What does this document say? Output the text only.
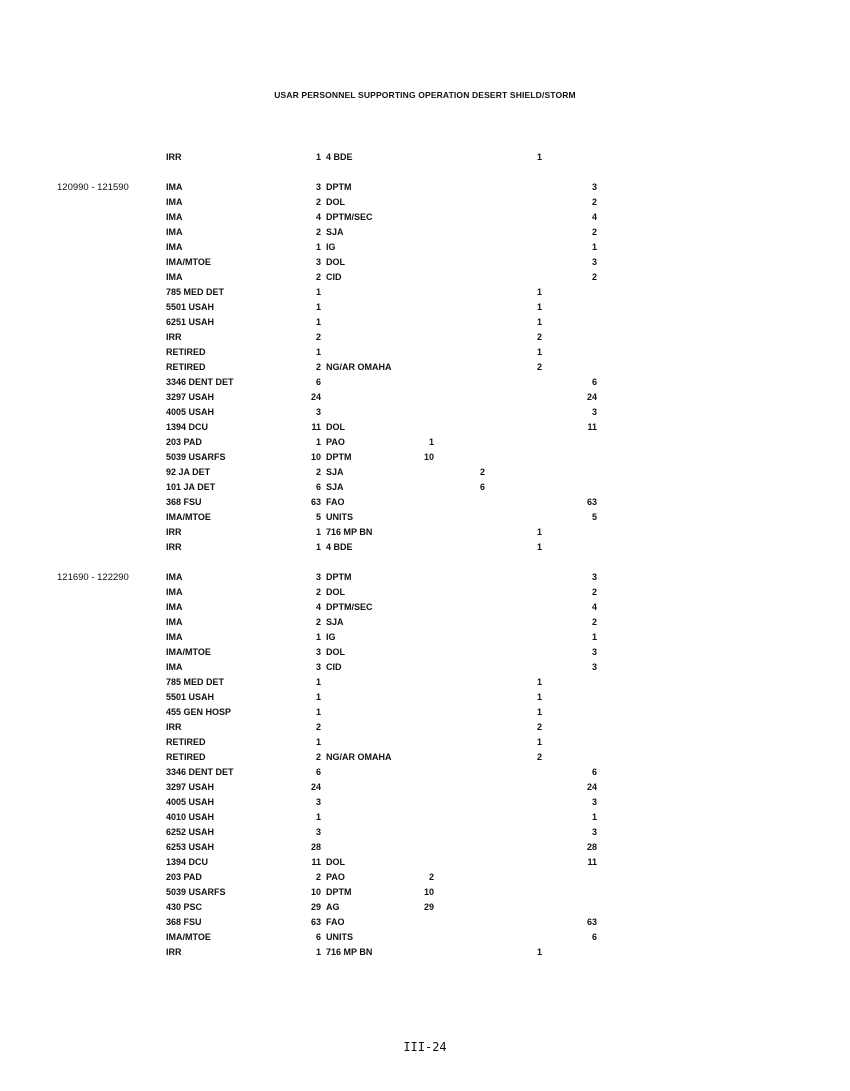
USAR PERSONNEL SUPPORTING OPERATION DESERT SHIELD/STORM
IRR	1 4 BDE	1
120990 - 121590	IMA	3 DPTM	3
IMA	2 DOL	2
IMA	4 DPTM/SEC	4
IMA	2 SJA	2
IMA	1 IG	1
IMA/MTOE	3 DOL	3
IMA	2 CID	2
785 MED DET	1	1
5501 USAH	1	1
6251 USAH	1	1
IRR	2	2
RETIRED	1	1
RETIRED	2 NG/AR OMAHA	2
3346 DENT DET	6	6
3297 USAH	24	24
4005 USAH	3	3
1394 DCU	11 DOL	11
203 PAD	1 PAO	1
5039 USARFS	10 DPTM	10
92 JA DET	2 SJA	2
101 JA DET	6 SJA	6
368 FSU	63 FAO	63
IMA/MTOE	5 UNITS	5
IRR	1 716 MP BN	1
IRR	1 4 BDE	1
121690 - 122290	IMA	3 DPTM	3
IMA	2 DOL	2
IMA	4 DPTM/SEC	4
IMA	2 SJA	2
IMA	1 IG	1
IMA/MTOE	3 DOL	3
IMA	3 CID	3
785 MED DET	1	1
5501 USAH	1	1
455 GEN HOSP	1	1
IRR	2	2
RETIRED	1	1
RETIRED	2 NG/AR OMAHA	2
3346 DENT DET	6	6
3297 USAH	24	24
4005 USAH	3	3
4010 USAH	1	1
6252 USAH	3	3
6253 USAH	28	28
1394 DCU	11 DOL	11
203 PAD	2 PAO	2
5039 USARFS	10 DPTM	10
430 PSC	29 AG	29
368 FSU	63 FAO	63
IMA/MTOE	6 UNITS	6
IRR	1 716 MP BN	1
III-24
